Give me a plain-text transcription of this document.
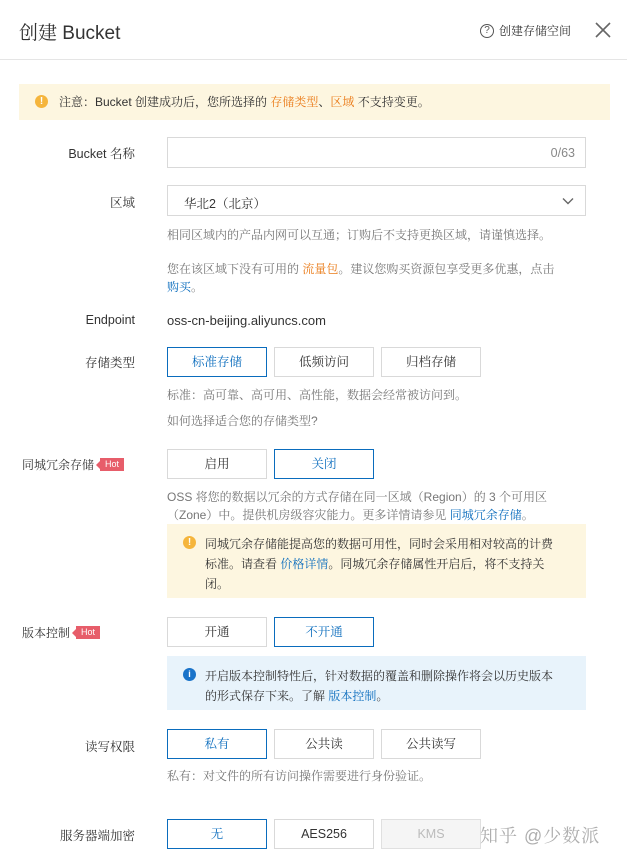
创建 Bucket	? 创建存储空间
!	注意：Bucket 创建成功后，您所选择的 存储类型、区域 不支持变更。
Bucket 名称	0/63
区域	华北2（北京）
相同区域内的产品内网可以互通；订购后不支持更换区域，请谨慎选择。
您在该区域下没有可用的 流量包。建议您购买资源包享受更多优惠，点击
购买。
Endpoint oss-cn-beijing.aliyuncs.com
存储类型	标准存储	低频访问	归档存储
标准：高可靠、高可用、高性能，数据会经常被访问到。
如何选择适合您的存储类型?
同城冗余存储	Hot	启用	关闭
OSS 将您的数据以冗余的方式存储在同一区域（Region）的 3 个可用区
（Zone）中。提供机房级容灾能力。更多详情请参见 同城冗余存储。
!	同城冗余存储能提高您的数据可用性，同时会采用相对较高的计费
标准。请查看 价格详情。同城冗余存储属性开启后，将不支持关
闭。
版本控制	Hot	开通	不开通
i	开启版本控制特性后，针对数据的覆盖和删除操作将会以历史版本
的形式保存下来。了解 版本控制。
读写权限	私有	公共读	公共读写
私有：对文件的所有访问操作需要进行身份验证。
服务器端加密	无	AES256	KMS	知乎 @少数派
